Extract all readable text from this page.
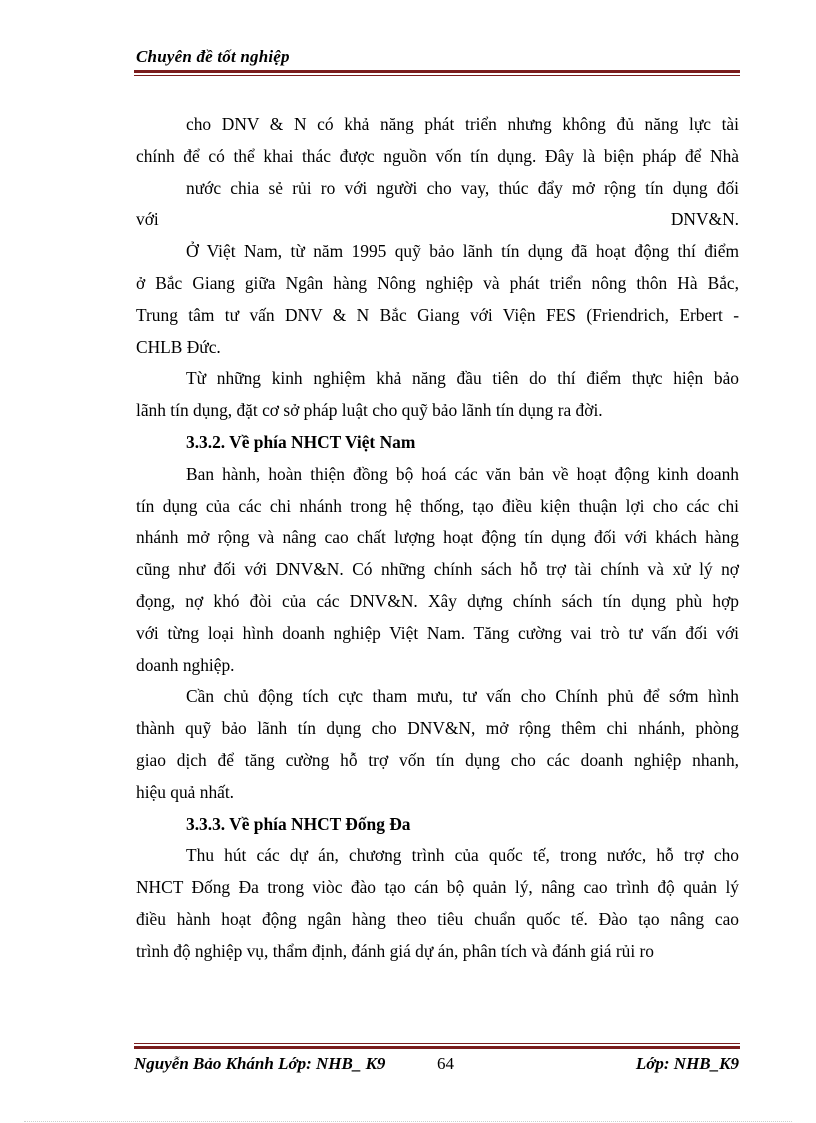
Chuyên đề tốt nghiệp
cho DNV & N có khả năng phát triển nhưng không đủ năng lực tài
chính để có thể khai thác được nguồn vốn tín dụng. Đây là biện pháp để Nhà
nước chia sẻ rủi ro với người cho vay, thúc đẩy mở rộng tín dụng đối
với	DNV&N.
Ở Việt Nam, từ năm 1995 quỹ bảo lãnh tín dụng đã hoạt động thí điểm
ở Bắc Giang giữa Ngân hàng Nông nghiệp và phát triển nông thôn Hà Bắc,
Trung tâm tư vấn DNV & N Bắc Giang với Viện FES (Friendrich, Erbert -
CHLB Đức.
Từ những kinh nghiệm khả năng đầu tiên do thí điểm thực hiện bảo
lãnh tín dụng, đặt cơ sở pháp luật cho quỹ bảo lãnh tín dụng ra đời.
3.3.2. Về phía NHCT Việt Nam
Ban hành, hoàn thiện đồng bộ hoá các văn bản về hoạt động kinh doanh
tín dụng của các chi nhánh trong hệ thống, tạo điều kiện thuận lợi cho các chi
nhánh mở rộng và nâng cao chất lượng hoạt động tín dụng đối với khách hàng
cũng như đối với DNV&N. Có những chính sách hỗ trợ tài chính và xử lý nợ
đọng, nợ khó đòi của các DNV&N. Xây dựng chính sách tín dụng phù hợp
với từng loại hình doanh nghiệp Việt Nam. Tăng cường vai trò tư vấn đối với
doanh nghiệp.
Cần chủ động tích cực tham mưu, tư vấn cho Chính phủ để sớm hình
thành quỹ bảo lãnh tín dụng cho DNV&N, mở rộng thêm chi nhánh, phòng
giao dịch để tăng cường hỗ trợ vốn tín dụng cho các doanh nghiệp nhanh,
hiệu quả nhất.
3.3.3. Về phía NHCT Đống Đa
Thu hút các dự án, chương trình của quốc tế, trong nước, hỗ trợ cho
NHCT Đống Đa trong viòc đào tạo cán bộ quản lý, nâng cao trình độ quản lý
điều hành hoạt động ngân hàng theo tiêu chuẩn quốc tế. Đào tạo nâng cao
trình độ nghiệp vụ, thẩm định, đánh giá dự án, phân tích và đánh giá rủi ro
Nguyễn Bảo Khánh Lớp: NHB_ K9	64	Lớp: NHB_K9
